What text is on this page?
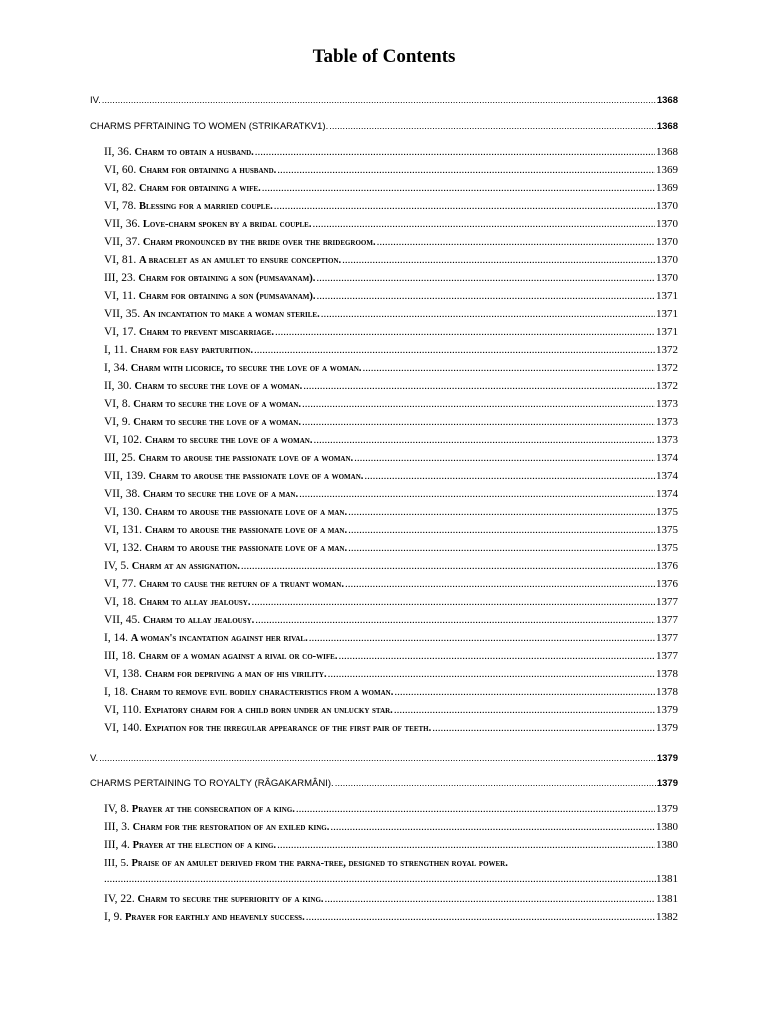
Table of Contents
IV. .....	1368
CHARMS PFRTAINING TO WOMEN (STRIKARATKV1). .....	1368
II, 36. Charm to obtain a husband. .....	1368
VI, 60. Charm for obtaining a husband. .....	1369
VI, 82. Charm for obtaining a wife. .....	1369
VI, 78. Blessing for a married couple. .....	1370
VII, 36. Love-charm spoken by a bridal couple. .....	1370
VII, 37. Charm pronounced by the bride over the bridegroom. .....	1370
VI, 81. A bracelet as an amulet to ensure conception. .....	1370
III, 23. Charm for obtaining a son (pumsavanam). .....	1370
VI, 11. Charm for obtaining a son (pumsavanam). .....	1371
VII, 35. An incantation to make a woman sterile. .....	1371
VI, 17. Charm to prevent miscarriage. .....	1371
I, 11. Charm for easy parturition. .....	1372
I, 34. Charm with licorice, to secure the love of a woman. .....	1372
II, 30. Charm to secure the love of a woman. .....	1372
VI, 8. Charm to secure the love of a woman. .....	1373
VI, 9. Charm to secure the love of a woman. .....	1373
VI, 102. Charm to secure the love of a woman. .....	1373
III, 25. Charm to arouse the passionate love of a woman. .....	1374
VII, 139. Charm to arouse the passionate love of a woman. .....	1374
VII, 38. Charm to secure the love of a man. .....	1374
VI, 130. Charm to arouse the passionate love of a man. .....	1375
VI, 131. Charm to arouse the passionate love of a man. .....	1375
VI, 132. Charm to arouse the passionate love of a man. .....	1375
IV, 5. Charm at an assignation. .....	1376
VI, 77. Charm to cause the return of a truant woman. .....	1376
VI, 18. Charm to allay jealousy. .....	1377
VII, 45. Charm to allay jealousy. .....	1377
I, 14. A woman's incantation against her rival. .....	1377
III, 18. Charm of a woman against a rival or co-wife. .....	1377
VI, 138. Charm for depriving a man of his virility. .....	1378
I, 18. Charm to remove evil bodily characteristics from a woman. .....	1378
VI, 110. Expiatory charm for a child born under an unlucky star. .....	1379
VI, 140. Expiation for the irregular appearance of the first pair of teeth. .....	1379
V. .....	1379
CHARMS PERTAINING TO ROYALTY (RÂGAKARMÂNI). .....	1379
IV, 8. Prayer at the consecration of a king. .....	1379
III, 3. Charm for the restoration of an exiled king. .....	1380
III, 4. Prayer at the election of a king. .....	1380
III, 5. Praise of an amulet derived from the parna-tree, designed to strengthen royal power.
.....
1381
IV, 22. Charm to secure the superiority of a king. .....	1381
I, 9. Prayer for earthly and heavenly success. .....	1382
